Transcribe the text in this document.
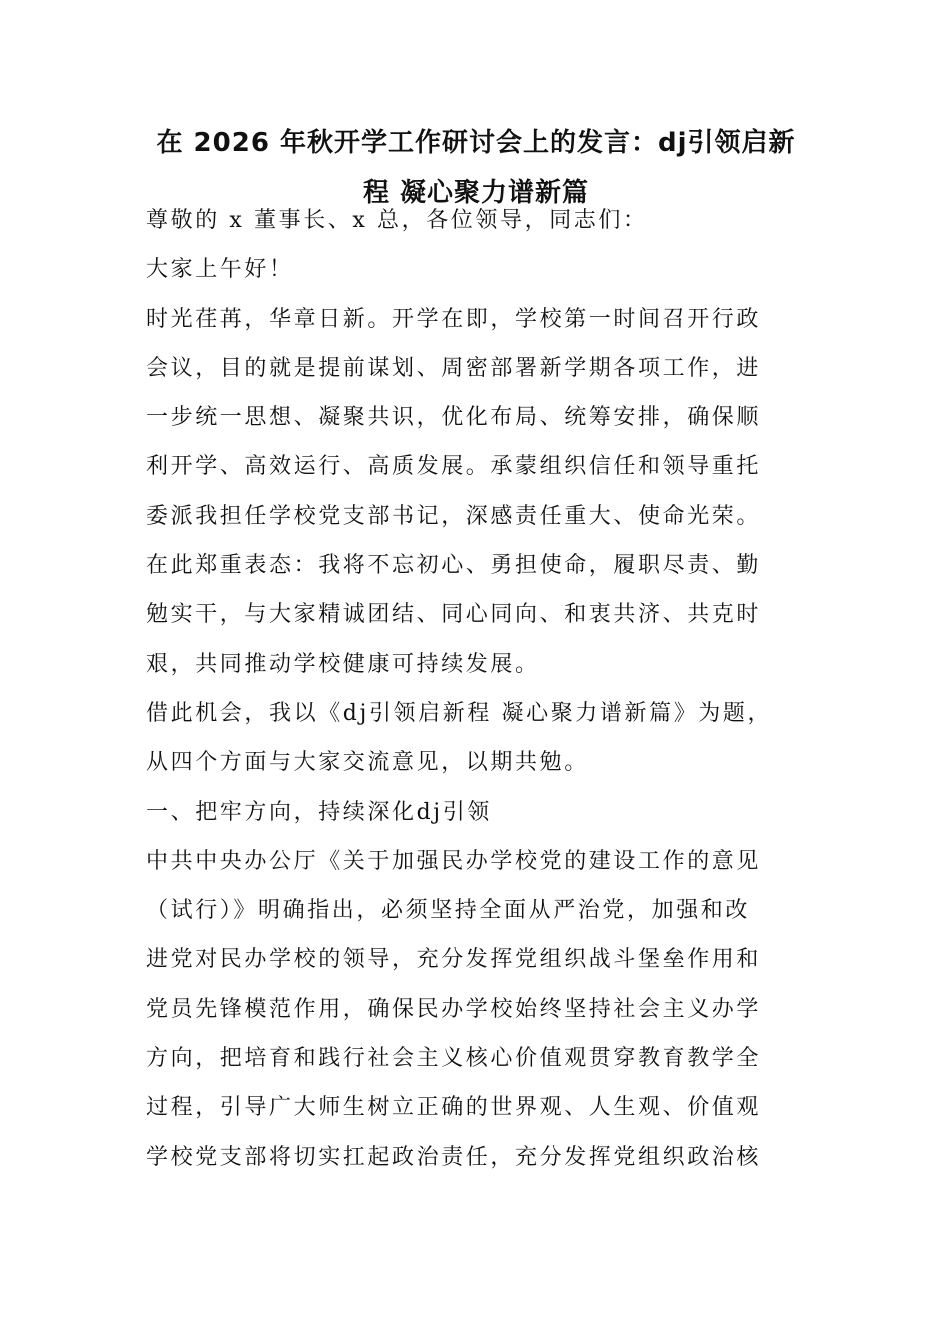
在 2026 年秋开学工作研讨会上的发言：dj引领启新
程 凝心聚力谱新篇

尊敬的 x 董事长、x 总，各位领导，同志们：

大家上午好！

时光荏苒，华章日新。开学在即，学校第一时间召开行政

会议，目的就是提前谋划、周密部署新学期各项工作，进

一步统一思想、凝聚共识，优化布局、统筹安排，确保顺

利开学、高效运行、高质发展。承蒙组织信任和领导重托

委派我担任学校党支部书记，深感责任重大、使命光荣。

在此郑重表态：我将不忘初心、勇担使命，履职尽责、勤

勉实干，与大家精诚团结、同心同向、和衷共济、共克时

艰，共同推动学校健康可持续发展。

借此机会，我以《dj引领启新程 凝心聚力谱新篇》为题，

从四个方面与大家交流意见，以期共勉。

一、把牢方向，持续深化dj引领

中共中央办公厅《关于加强民办学校党的建设工作的意见

（试行）》明确指出，必须坚持全面从严治党，加强和改

进党对民办学校的领导，充分发挥党组织战斗堡垒作用和

党员先锋模范作用，确保民办学校始终坚持社会主义办学

方向，把培育和践行社会主义核心价值观贯穿教育教学全

过程，引导广大师生树立正确的世界观、人生观、价值观

学校党支部将切实扛起政治责任，充分发挥党组织政治核
